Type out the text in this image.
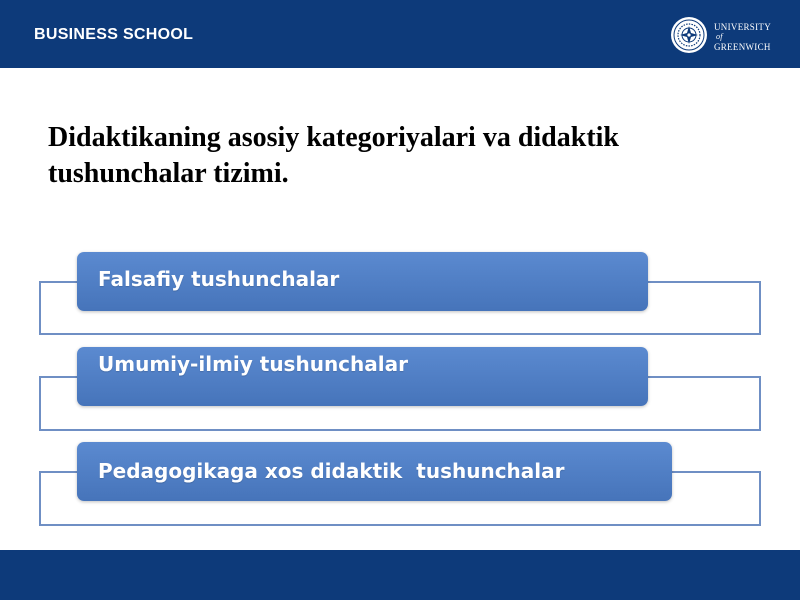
BUSINESS SCHOOL	UNIVERSITY
of
GREENWICH
Didaktikaning asosiy kategoriyalari va didaktik tushunchalar tizimi.
Falsafiy tushunchalar
Umumiy-ilmiy tushunchalar
Pedagogikaga xos didaktik  tushunchalar
